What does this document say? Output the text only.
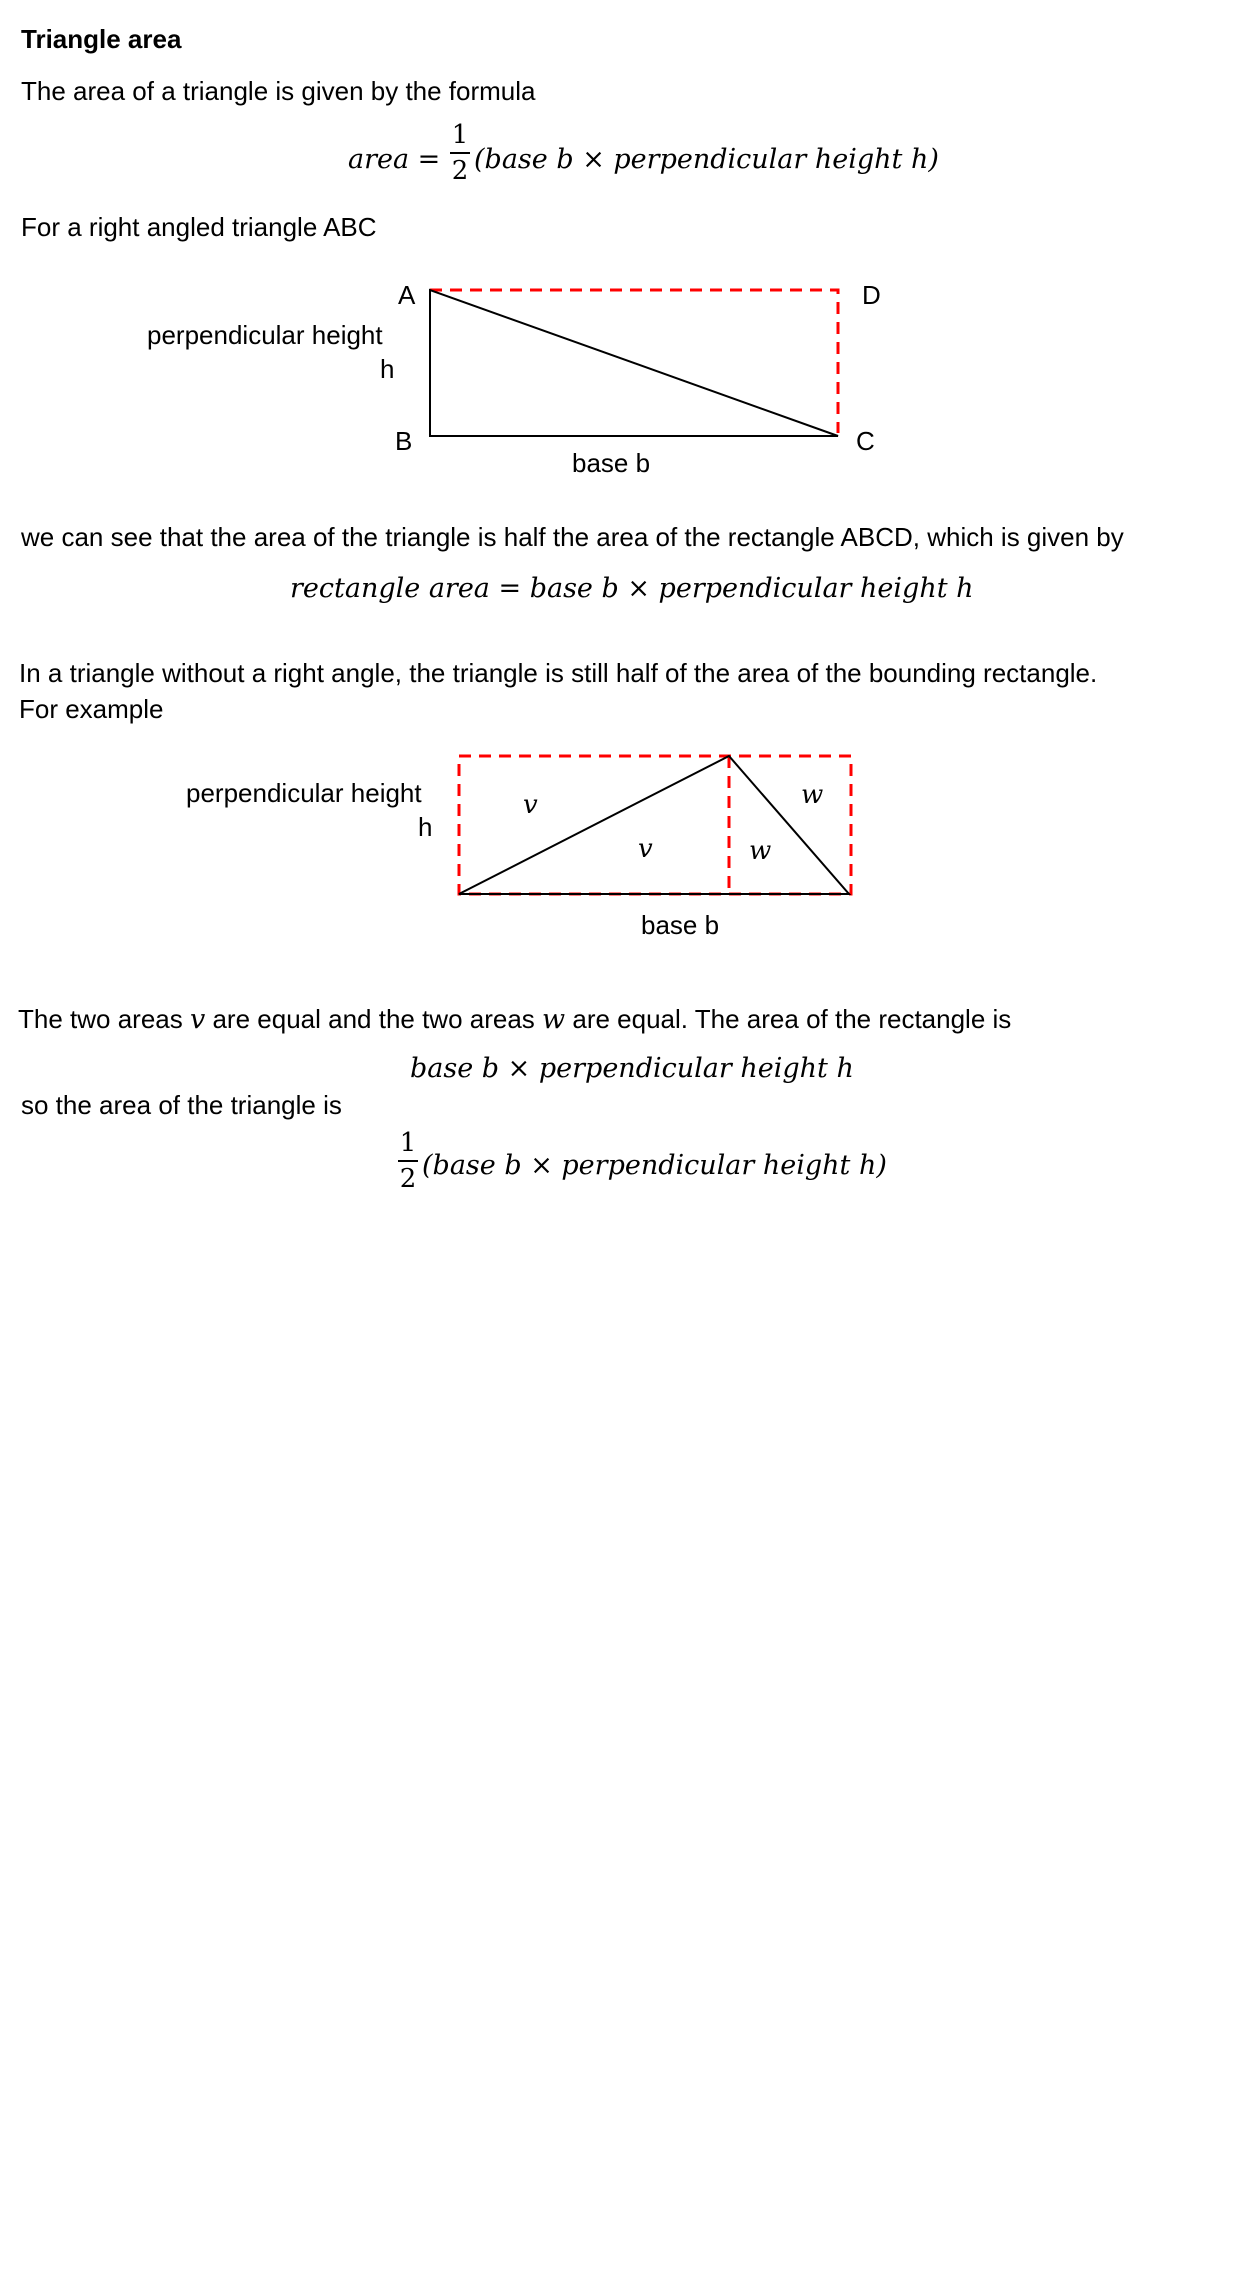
Triangle area
The area of a triangle is given by the formula
area =
1
2 (base b × perpendicular height h)
For a right angled triangle ABC
A	D
B	C
perpendicular height
h
base b
we can see that the area of the triangle is half the area of the rectangle ABCD, which is given by
rectangle area = base b × perpendicular height h
In a triangle without a right angle, the triangle is still half of the area of the bounding rectangle.
For example
perpendicular height
h
v
v	w
w
base b
The two areas v are equal and the two areas w are equal. The area of the rectangle is
base b × perpendicular height h
so the area of the triangle is
1
2 (base b × perpendicular height h)
